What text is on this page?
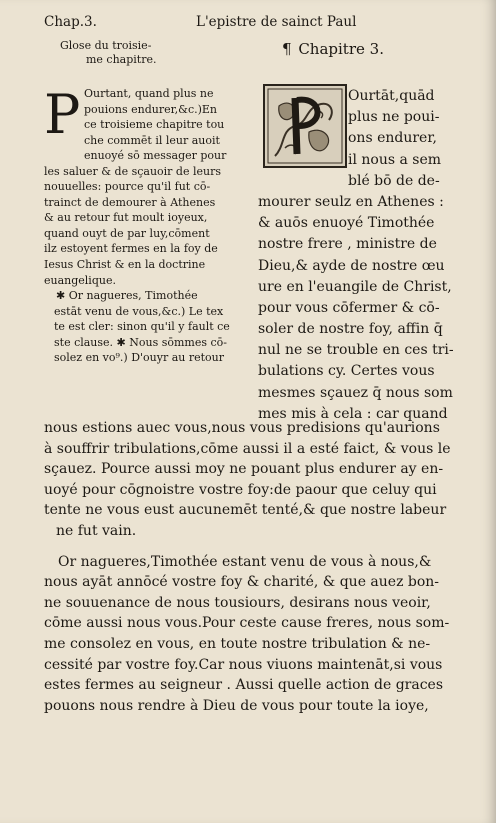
Chap.3.	L'epistre de sainct Paul
Glose du troisie-
me chapitre.
¶ Chapitre 3.
P Ourtant, quand plus ne
pouions endurer,&c.)En
ce troisieme chapitre tou
che commēt il leur auoit
enuoyé sō messager pour
les saluer & de sçauoir de leurs
nouuelles: pource qu'il fut cō-
trainct de demourer à Athenes
& au retour fut moult ioyeux,
quand ouyt de par luy,cōment
ilz estoyent fermes en la foy de
Iesus Christ & en la doctrine
euangelique.
✱ Or nagueres, Timothée
estāt venu de vous,&c.) Le tex
te est cler: sinon qu'il y fault ce
ste clause. ✱ Nous sōmmes cō-
solez en vo⁹.) D'ouyr au retour
Ourtāt,quād
plus ne poui-
ons endurer,
il nous a sem
blé bō de de-
mourer seulz en Athenes :
& auōs enuoyé Timothée
nostre frere , ministre de
Dieu,& ayde de nostre œu
ure en l'euangile de Christ,
pour vous cōfermer & cō-
soler de nostre foy, affin q̄
nul ne se trouble en ces tri-
bulations cy. Certes vous
mesmes sçauez q̄ nous som
mes mis à cela : car quand
nous estions auec vous,nous vous predisions qu'aurions
à souffrir tribulations,cōme aussi il a esté faict, & vous le
sçauez. Pource aussi moy ne pouant plus endurer ay en-
uoyé pour cōgnoistre vostre foy:de paour que celuy qui
tente ne vous eust aucunemēt tenté,& que nostre labeur
ne fut vain.
Or nagueres,Timothée estant venu de vous à nous,&
nous ayāt annōcé vostre foy & charité, & que auez bon-
ne souuenance de nous tousiours, desirans nous veoir,
cōme aussi nous vous.Pour ceste cause freres, nous som-
me consolez en vous, en toute nostre tribulation & ne-
cessité par vostre foy.Car nous viuons maintenāt,si vous
estes fermes au seigneur . Aussi quelle action de graces
pouons nous rendre à Dieu de vous pour toute la ioye,
